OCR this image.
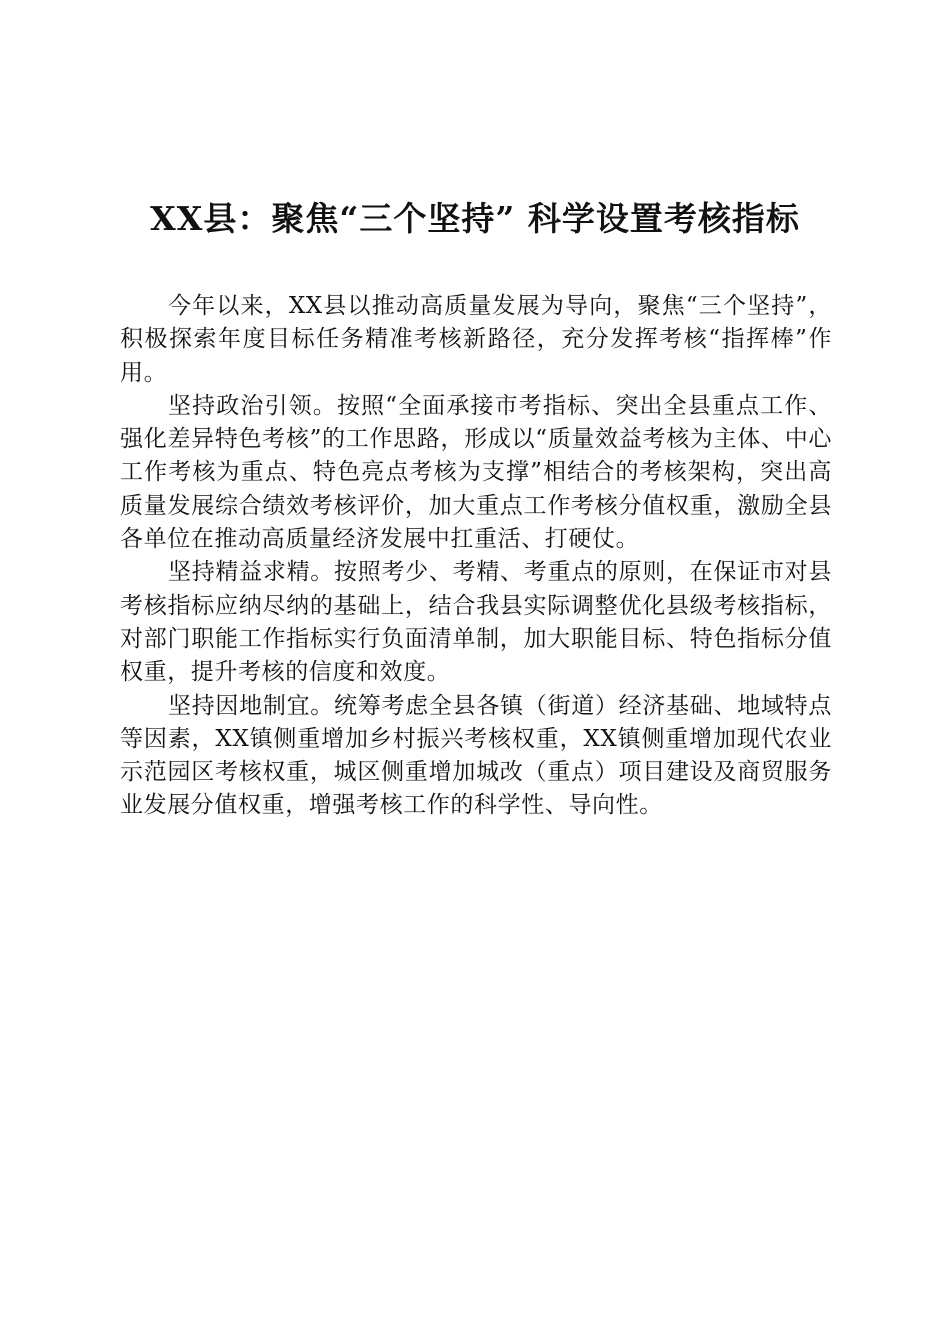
XX县：聚焦“三个坚持” 科学设置考核指标

今年以来，XX县以推动高质量发展为导向，聚焦“三个坚持”，积极探索年度目标任务精准考核新路径，充分发挥考核“指挥棒”作用。

坚持政治引领。按照“全面承接市考指标、突出全县重点工作、强化差异特色考核”的工作思路，形成以“质量效益考核为主体、中心工作考核为重点、特色亮点考核为支撑”相结合的考核架构，突出高质量发展综合绩效考核评价，加大重点工作考核分值权重，激励全县各单位在推动高质量经济发展中扛重活、打硬仗。

坚持精益求精。按照考少、考精、考重点的原则，在保证市对县考核指标应纳尽纳的基础上，结合我县实际调整优化县级考核指标，对部门职能工作指标实行负面清单制，加大职能目标、特色指标分值权重，提升考核的信度和效度。

坚持因地制宜。统筹考虑全县各镇（街道）经济基础、地域特点等因素，XX镇侧重增加乡村振兴考核权重，XX镇侧重增加现代农业示范园区考核权重，城区侧重增加城改（重点）项目建设及商贸服务业发展分值权重，增强考核工作的科学性、导向性。
